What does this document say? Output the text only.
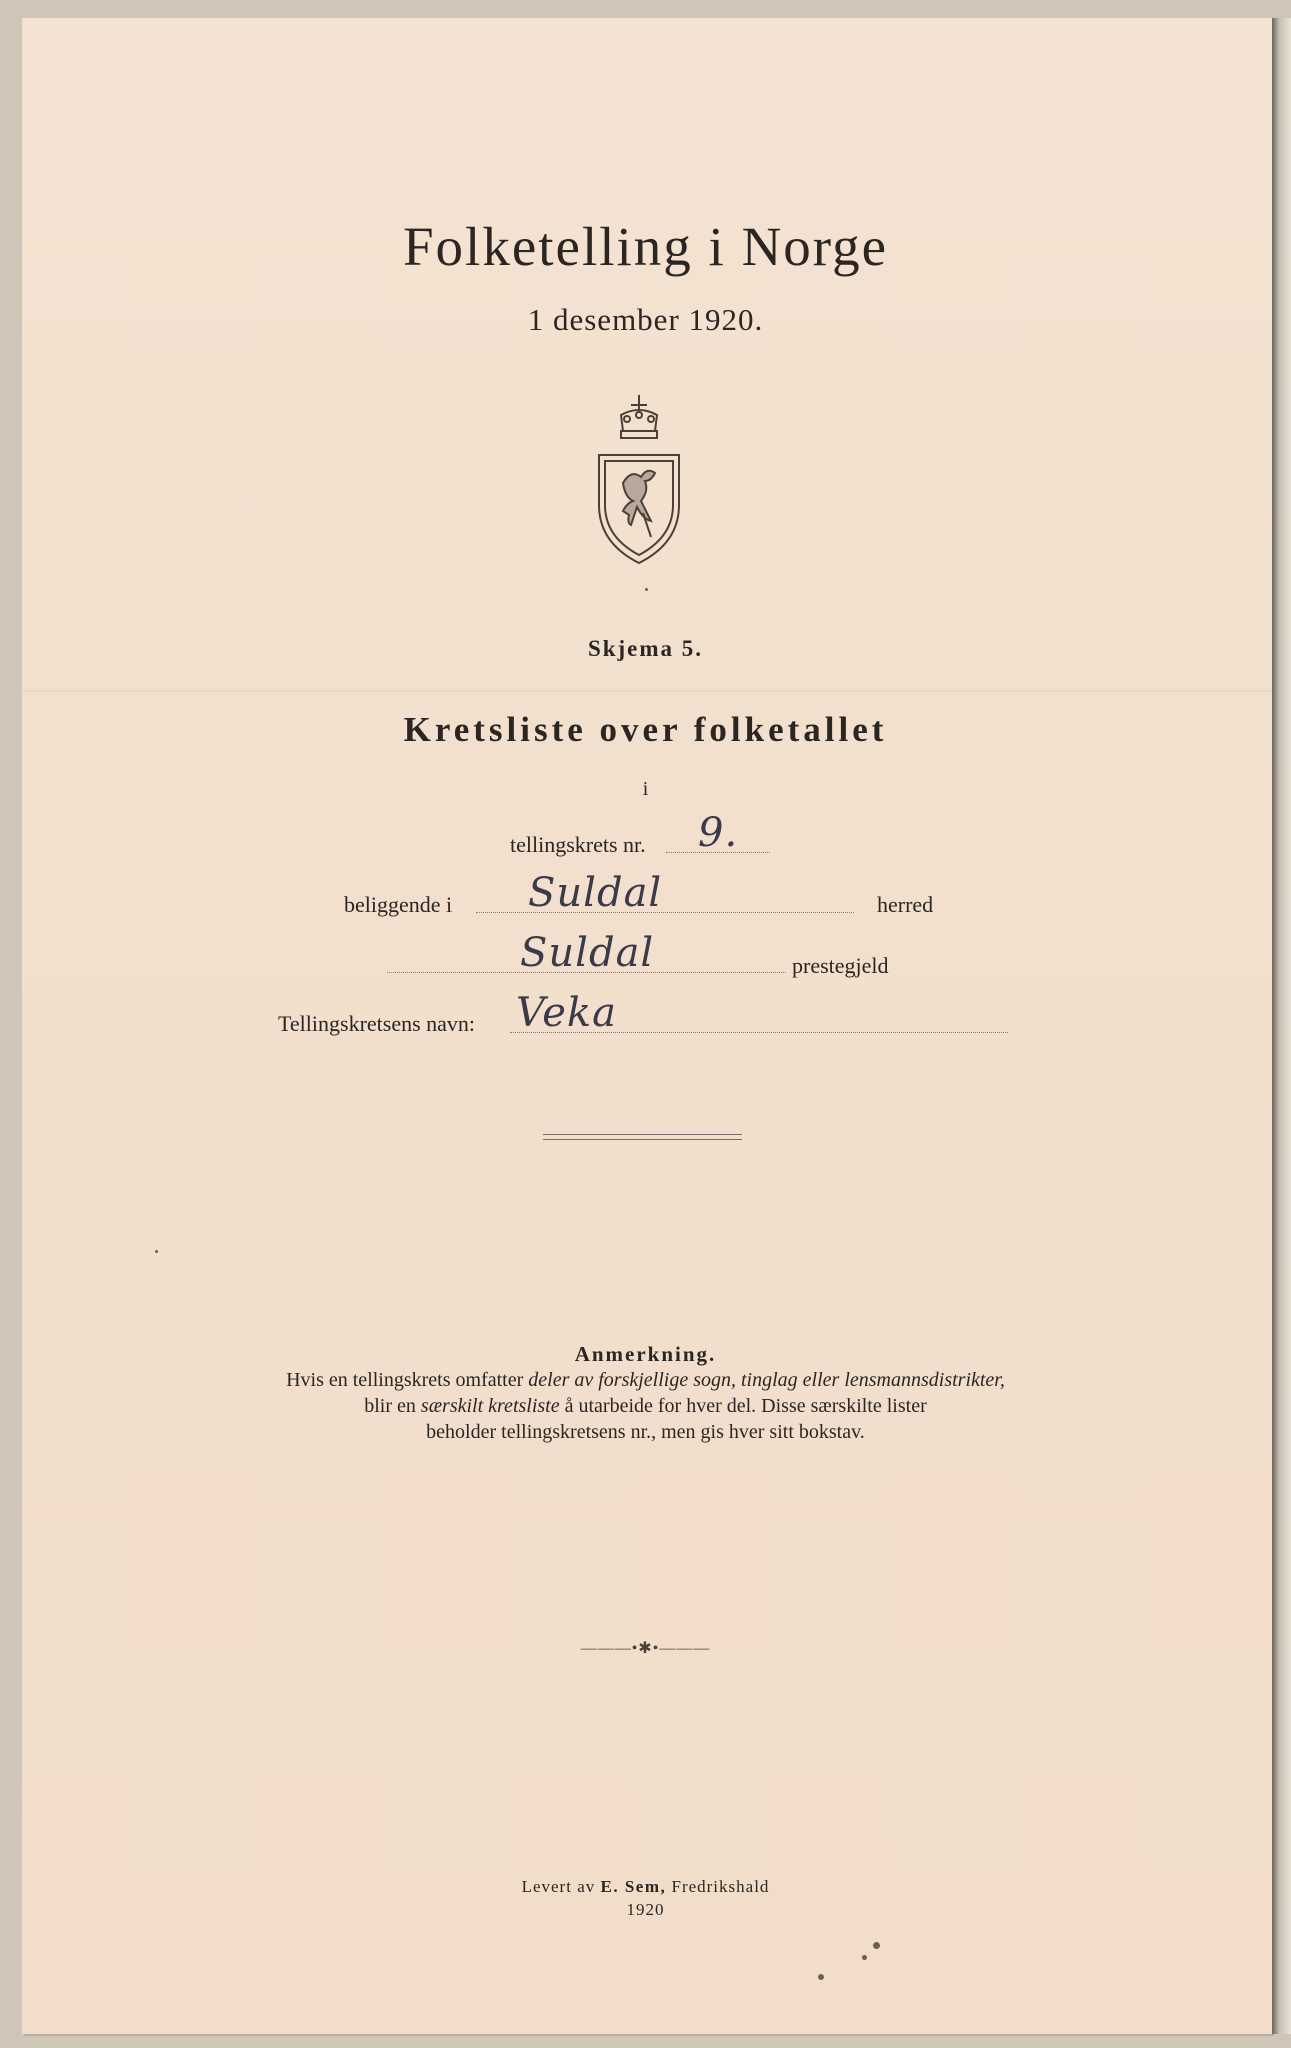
Folketelling i Norge
1 desember 1920.
Skjema 5.
Kretsliste over folketallet
i
tellingskrets nr. 9.
beliggende i Suldal	herred
Suldal	prestegjeld
Tellingskretsens navn: Veka
Anmerkning.
Hvis en tellingskrets omfatter deler av forskjellige sogn, tinglag eller lensmannsdistrikter,
blir en særskilt kretsliste å utarbeide for hver del. Disse særskilte lister
beholder tellingskretsens nr., men gis hver sitt bokstav.
———•✱•———
Levert av E. Sem, Fredrikshald
1920
